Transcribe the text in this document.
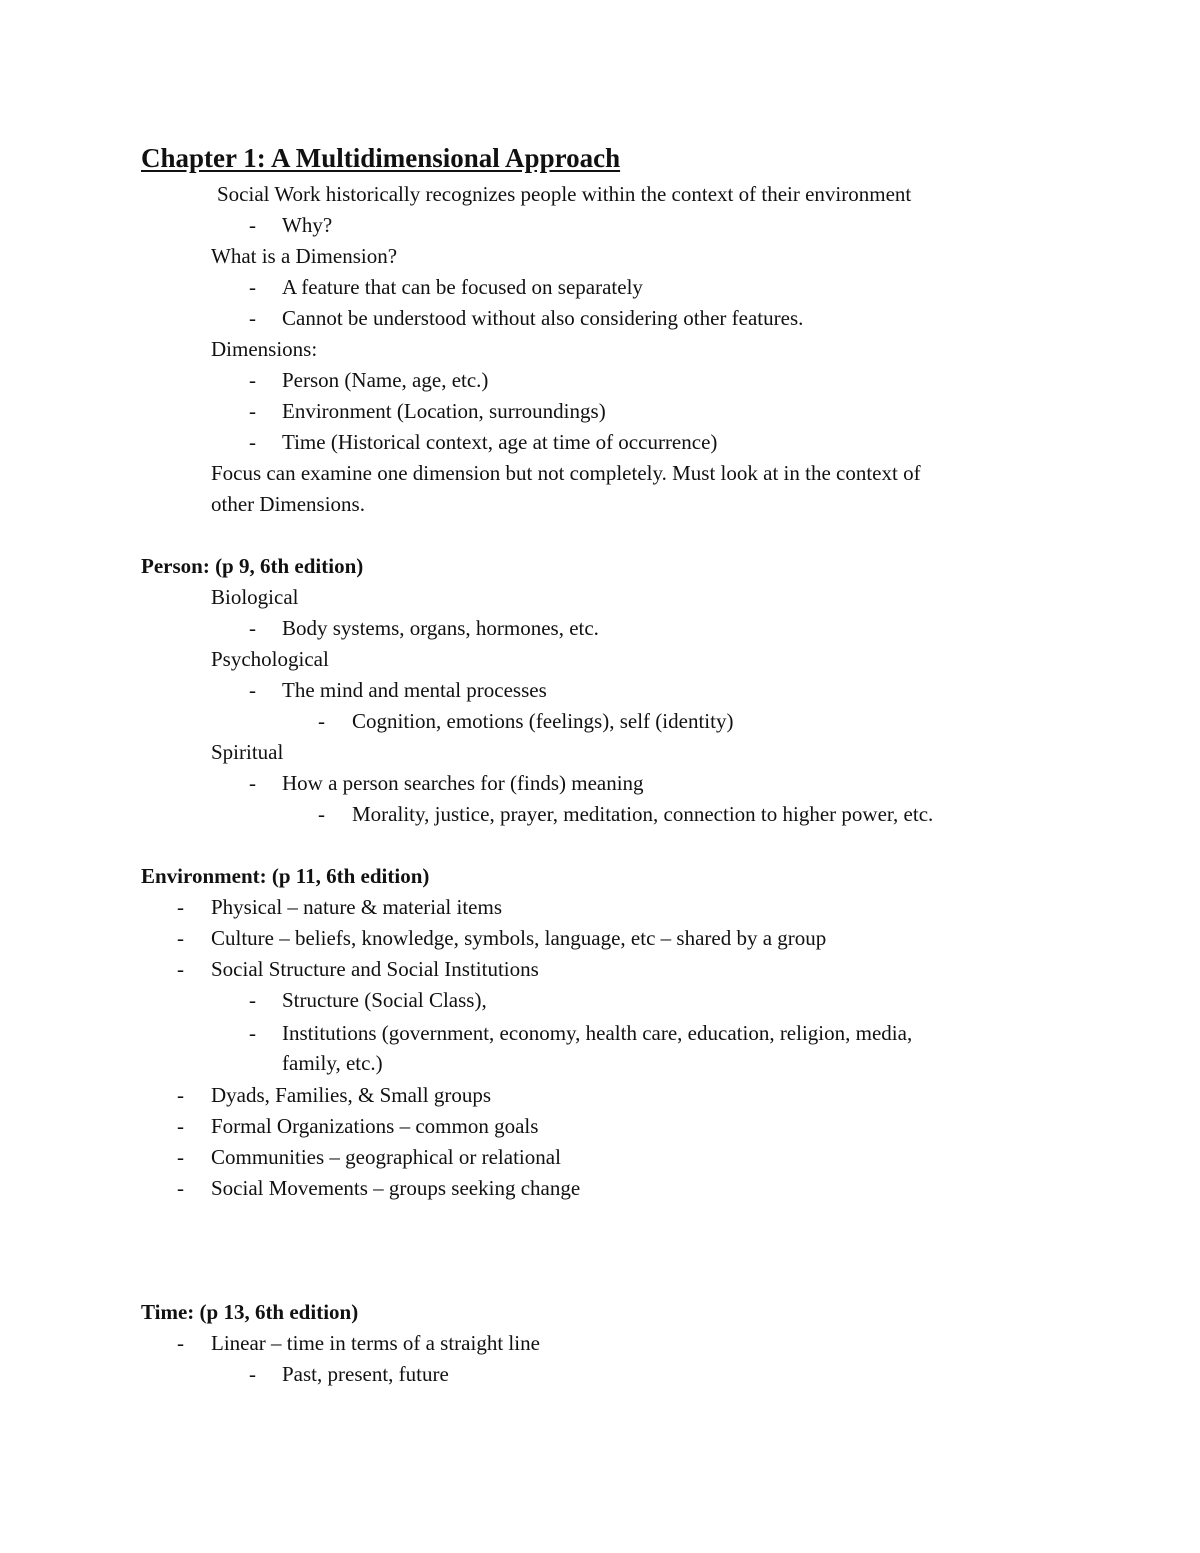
Chapter 1: A Multidimensional Approach
Social Work historically recognizes people within the context of their environment
- Why?
What is a Dimension?
- A feature that can be focused on separately
- Cannot be understood without also considering other features.
Dimensions:
- Person (Name, age, etc.)
- Environment (Location, surroundings)
- Time (Historical context, age at time of occurrence)
Focus can examine one dimension but not completely. Must look at in the context of
other Dimensions.
Person: (p 9, 6th edition)
Biological
- Body systems, organs, hormones, etc.
Psychological
- The mind and mental processes
- Cognition, emotions (feelings), self (identity)
Spiritual
- How a person searches for (finds) meaning
- Morality, justice, prayer, meditation, connection to higher power, etc.
Environment: (p 11, 6th edition)
- Physical – nature & material items
- Culture – beliefs, knowledge, symbols, language, etc – shared by a group
- Social Structure and Social Institutions
- Structure (Social Class),
- Institutions (government, economy, health care, education, religion, media,
family, etc.)
- Dyads, Families, & Small groups
- Formal Organizations – common goals
- Communities – geographical or relational
- Social Movements – groups seeking change
Time: (p 13, 6th edition)
- Linear – time in terms of a straight line
- Past, present, future
